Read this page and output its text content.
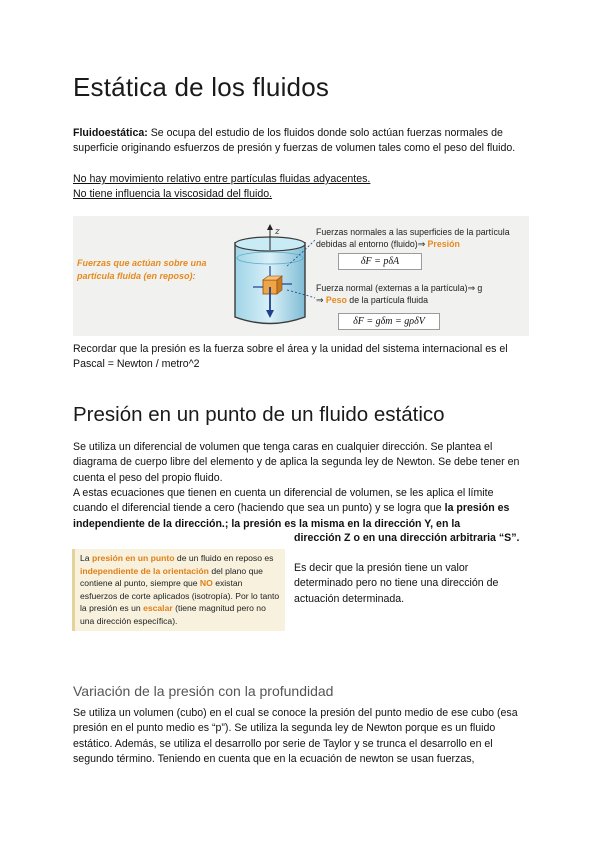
Estática de los fluidos
Fluidoestática: Se ocupa del estudio de los fluidos donde solo actúan fuerzas normales de superficie originando esfuerzos de presión y fuerzas de volumen tales como el peso del fluido.
No hay movimiento relativo entre partículas fluidas adyacentes.
No tiene influencia la viscosidad del fluido.
Fuerzas que actúan sobre una partícula fluida (en reposo):
z	Fuerzas normales a las superficies de la partícula debidas al entorno (fluido)⇒ Presión
δF = pδA
Fuerza normal (externas a la partícula)⇒ g
⇒ Peso de la partícula fluida
δF = gδm = gρδV
Recordar que la presión es la fuerza sobre el área y la unidad del sistema internacional es el Pascal = Newton / metro^2
Presión en un punto de un fluido estático
Se utiliza un diferencial de volumen que tenga caras en cualquier dirección. Se plantea el diagrama de cuerpo libre del elemento y de aplica la segunda ley de Newton. Se debe tener en cuenta el peso del propio fluido.
A estas ecuaciones que tienen en cuenta un diferencial de volumen, se les aplica el límite cuando el diferencial tiende a cero (haciendo que sea un punto) y se logra que la presión es independiente de la dirección.; la presión es la misma en la dirección Y, en la
dirección Z o en una dirección arbitraria “S”.
Es decir que la presión tiene un valor determinado pero no tiene una dirección de actuación determinada.
La presión en un punto de un fluido en reposo es independiente de la orientación del plano que contiene al punto, siempre que NO existan esfuerzos de corte aplicados (isotropía). Por lo tanto la presión es un escalar (tiene magnitud pero no una dirección específica).
Variación de la presión con la profundidad
Se utiliza un volumen (cubo) en el cual se conoce la presión del punto medio de ese cubo (esa presión en el punto medio es “p”). Se utiliza la segunda ley de Newton porque es un fluido estático. Además, se utiliza el desarrollo por serie de Taylor y se trunca el desarrollo en el segundo término. Teniendo en cuenta que en la ecuación de newton se usan fuerzas,
